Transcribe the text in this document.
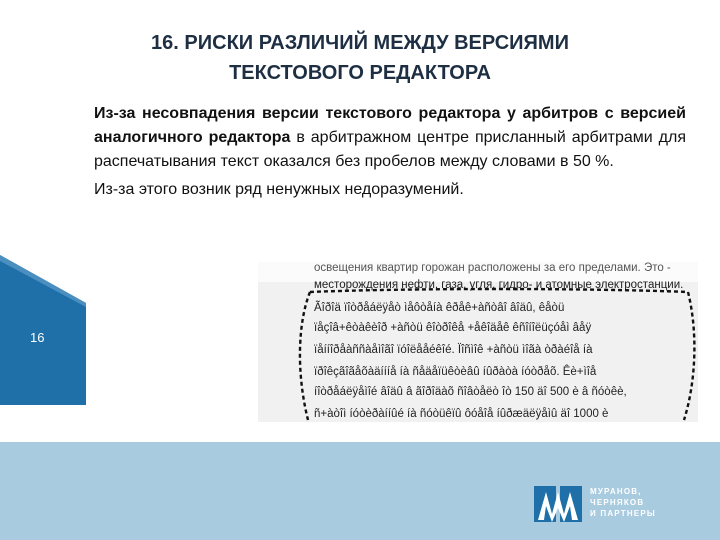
16. РИСКИ РАЗЛИЧИЙ МЕЖДУ ВЕРСИЯМИ
ТЕКСТОВОГО РЕДАКТОРА

Из-за несовпадения версии текстового редактора у арбитров с версией аналогичного редактора в арбитражном центре присланный арбитрами для распечатывания текст оказался без пробелов между словами в 50 %.

Из-за этого возник ряд ненужных недоразумений.

16
освещения квартир горожан расположены за его пределами. Это -
месторождения нефти, газа, угля, гидро- и атомные электростанции.
Ãîðîä ïîòðåáëÿåò ìåôòåíà êðåê+àñòâî âîäû, êåòü
ïåçîâ+êòàêèîð +àñòü êîòðîêå +åêîäåê êñîíîëüçóåì âåÿ
ïåííîðåàññàåìîãî ïóîëååéêîé. Ïîñìîê +àñòü ìîãà òðàéîå íà
ïðîêçãîãåõàäíííå íà ñåäåïüêòèâû íûðàòà íóòðåõ. Êè+ìîå
íîòðåáëÿåìîé âîäû â ãîðîäàõ ñîâòåëò îò 150 äî 500 è â ñóòêè,
ñ+àòîì íóòèðàííûé íà ñóòüêïû ôóåîå íûðæäëÿåìû äî 1000 è
МУРАНОВ,
ЧЕРНЯКОВ
И ПАРТНЕРЫ
